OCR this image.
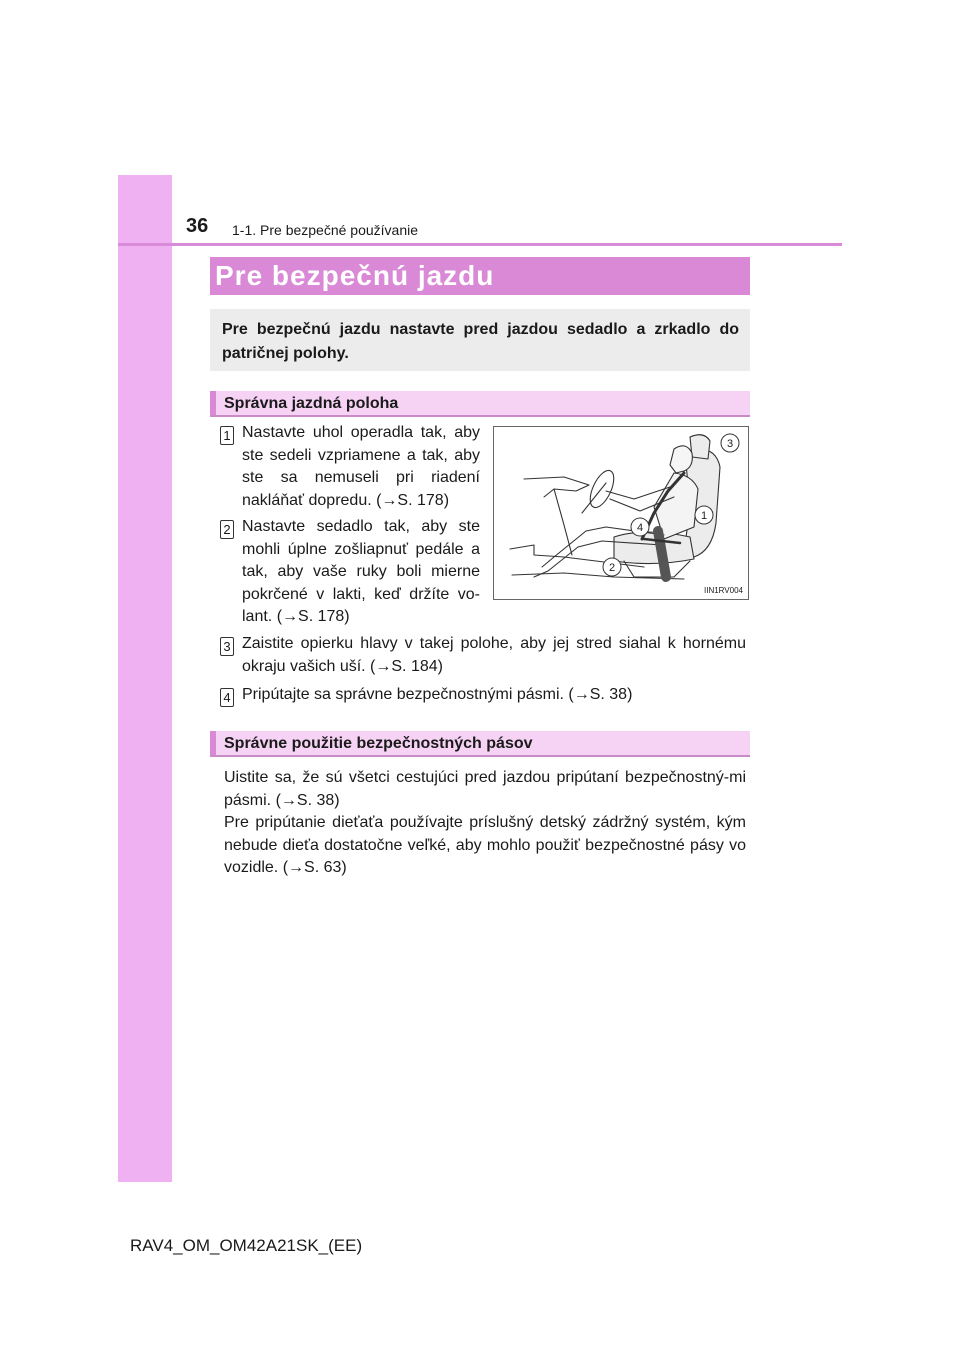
36 1-1. Pre bezpečné používanie
Pre bezpečnú jazdu
Pre bezpečnú jazdu nastavte pred jazdou sedadlo a zrkadlo do patričnej polohy.
Správna jazdná poloha
1 Nastavte uhol operadla tak, aby ste sedeli vzpriamene a tak, aby ste sa nemuseli pri riadení nakláňať dopredu. (→S. 178)
2 Nastavte sedadlo tak, aby ste mohli úplne zošliapnuť pedále a tak, aby vaše ruky boli mierne pokrčené v lakti, keď držíte vo-lant. (→S. 178)
3 Zaistite opierku hlavy v takej polohe, aby jej stred siahal k hornému okraju vašich uší. (→S. 184)
4 Pripútajte sa správne bezpečnostnými pásmi. (→S. 38)
3
1
4
2
IIN1RV004
Správne použitie bezpečnostných pásov
Uistite sa, že sú všetci cestujúci pred jazdou pripútaní bezpečnostný-mi pásmi. (→S. 38)
Pre pripútanie dieťaťa používajte príslušný detský zádržný systém, kým nebude dieťa dostatočne veľké, aby mohlo použiť bezpečnostné pásy vo vozidle. (→S. 63)
RAV4_OM_OM42A21SK_(EE)
